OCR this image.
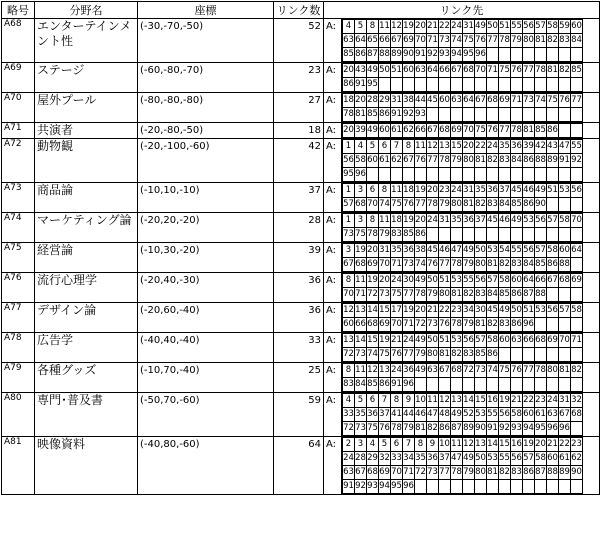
略号	分野名	座標	リンク数	リンク先
A68	エンターテインメント性	(-30,-70,-50)	52	A:	4	5	8	11	12	19	20	21	22	24	31	49	50	51	55	56	57	58	59	60
63	64	65	66	67	69	70	71	73	74	75	76	77	78	79	80	81	82	83	84
85	86	87	88	89	90	91	92	93	94	95	96								

A69	ステージ	(-60,-80,-70)	23	A:	20	43	49	50	51	60	63	64	66	67	68	70	71	75	76	77	78	81	82	85
86	91	95																	

A70	屋外プール	(-80,-80,-80)	27	A:	18	20	28	29	31	38	44	45	60	63	64	67	68	69	71	73	74	75	76	77
78	81	85	86	91	92	93													

A71	共演者	(-20,-80,-50)	18	A:	20	39	49	60	61	62	66	67	68	69	70	75	76	77	78	81	85	86		

A72	動物観	(-20,-100,-60)	42	A:	1	4	5	6	7	8	11	12	13	15	20	22	24	35	36	39	42	43	47	55
56	58	60	61	62	67	76	77	78	79	80	81	82	83	84	86	88	89	91	92
95	96																		

A73	商品論	(-10,10,-10)	37	A:	1	3	6	8	11	18	19	20	23	24	31	35	36	37	45	46	49	51	53	56
57	68	70	74	75	76	77	78	79	80	81	82	83	84	85	86	90			

A74	マーケティング論	(-20,20,-20)	28	A:	1	3	8	11	18	19	20	24	31	35	36	37	45	46	49	53	56	57	58	70
73	75	78	79	83	85	86													

A75	経営論	(-10,30,-20)	39	A:	3	19	20	31	35	36	38	45	46	47	49	50	53	54	55	56	57	58	60	64
67	68	69	70	71	73	74	76	77	78	79	80	81	82	83	84	85	86	88	

A76	流行心理学	(-20,40,-30)	36	A:	8	11	19	20	24	30	49	50	51	53	55	56	57	58	60	64	66	67	68	69
70	71	72	73	75	77	78	79	80	81	82	83	84	85	86	87	88			

A77	デザイン論	(-20,60,-40)	36	A:	12	13	14	15	17	19	20	21	22	23	34	30	45	49	50	51	53	56	57	58
60	66	68	69	70	71	72	73	76	78	79	81	82	83	86	96				

A78	広告学	(-40,40,-40)	33	A:	13	14	15	19	21	24	49	50	51	53	56	57	58	60	63	66	68	69	70	71
72	73	74	75	76	77	79	80	81	82	83	85	86							

A79	各種グッズ	(-10,70,-40)	25	A:	8	11	12	13	24	36	49	63	67	68	72	73	74	75	76	77	78	80	81	82
83	84	85	86	91	96														

A80	専門･普及書	(-50,70,-60)	59	A:	4	5	6	7	8	9	10	11	12	13	14	15	16	19	21	22	23	24	31	32
33	35	36	37	41	44	46	47	48	49	52	53	55	56	58	60	61	63	67	68
72	73	75	76	78	79	81	82	86	87	89	90	91	92	93	94	95	96	96	

A81	映像資料	(-40,80,-60)	64	A:	2	3	4	5	6	7	8	9	10	11	12	13	14	15	16	19	20	21	22	23
24	28	29	32	33	34	35	36	37	47	49	50	53	55	56	57	58	60	61	62
63	67	68	69	70	71	72	73	77	78	79	80	81	82	83	86	87	88	89	90
91	92	93	94	95	96														
